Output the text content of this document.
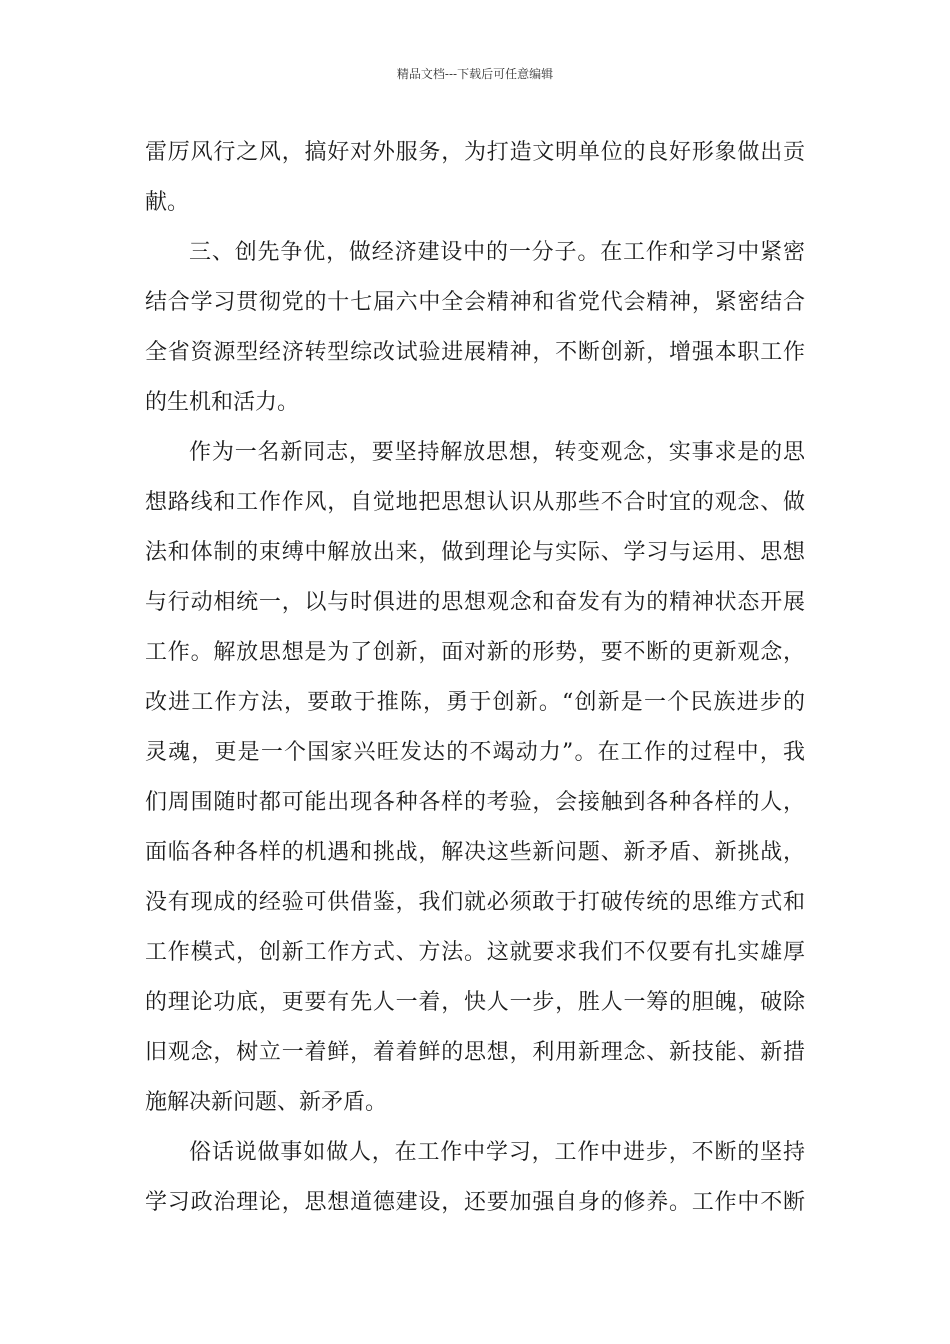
精品文档---下载后可任意编辑
雷厉风行之风，搞好对外服务，为打造文明单位的良好形象做出贡
献。
三、创先争优，做经济建设中的一分子。在工作和学习中紧密
结合学习贯彻党的十七届六中全会精神和省党代会精神，紧密结合
全省资源型经济转型综改试验进展精神，不断创新，增强本职工作
的生机和活力。
作为一名新同志，要坚持解放思想，转变观念，实事求是的思
想路线和工作作风，自觉地把思想认识从那些不合时宜的观念、做
法和体制的束缚中解放出来，做到理论与实际、学习与运用、思想
与行动相统一，以与时俱进的思想观念和奋发有为的精神状态开展
工作。解放思想是为了创新，面对新的形势，要不断的更新观念，
改进工作方法，要敢于推陈，勇于创新。“创新是一个民族进步的
灵魂，更是一个国家兴旺发达的不竭动力”。在工作的过程中，我
们周围随时都可能出现各种各样的考验，会接触到各种各样的人，
面临各种各样的机遇和挑战，解决这些新问题、新矛盾、新挑战，
没有现成的经验可供借鉴，我们就必须敢于打破传统的思维方式和
工作模式，创新工作方式、方法。这就要求我们不仅要有扎实雄厚
的理论功底，更要有先人一着，快人一步，胜人一筹的胆魄，破除
旧观念，树立一着鲜，着着鲜的思想，利用新理念、新技能、新措
施解决新问题、新矛盾。
俗话说做事如做人，在工作中学习，工作中进步，不断的坚持
学习政治理论，思想道德建设，还要加强自身的修养。工作中不断
